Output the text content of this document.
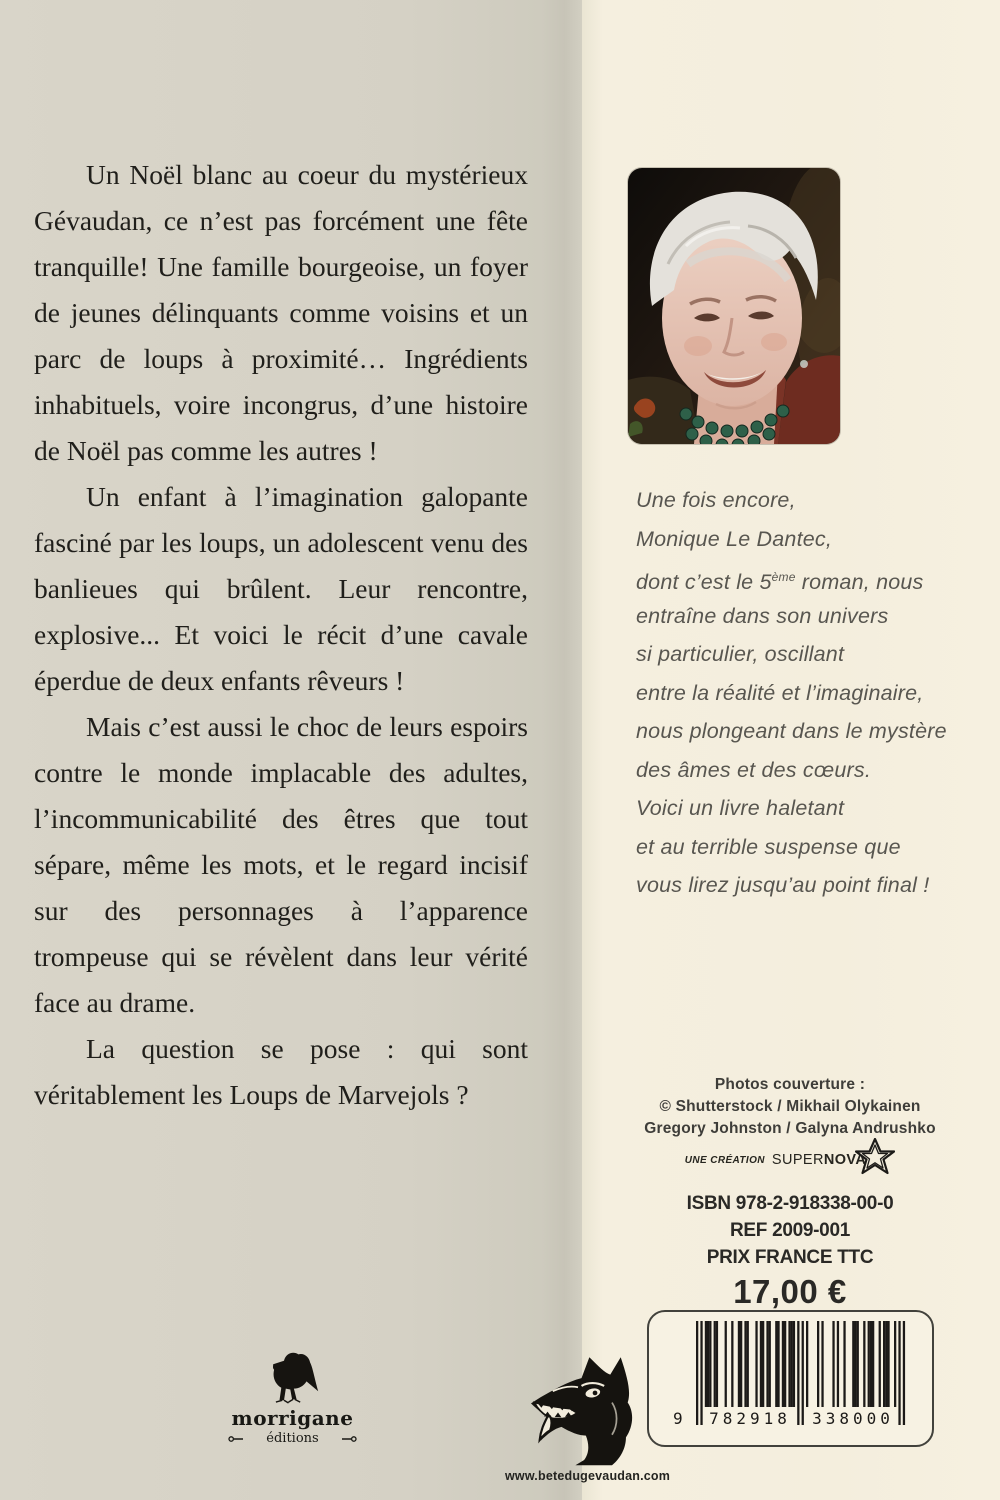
Un Noël blanc au coeur du mystérieux Gévaudan, ce n’est pas forcément une fête tranquille! Une famille bourgeoise, un foyer de jeunes délinquants comme voisins et un parc de loups à proximité… Ingrédients inhabituels, voire incongrus, d’une histoire de Noël pas comme les autres !

Un enfant à l’imagination galopante fasciné par les loups, un adolescent venu des banlieues qui brûlent. Leur rencontre, explosive... Et voici le récit d’une cavale éperdue de deux enfants rêveurs !

Mais c’est aussi le choc de leurs espoirs contre le monde implacable des adultes, l’incommunicabilité des êtres que tout sépare, même les mots, et le regard incisif sur des personnages à l’apparence trompeuse qui se révèlent dans leur vérité face au drame.

La question se pose : qui sont véritablement les Loups de Marvejols ?

Une fois encore,
Monique Le Dantec,
dont c’est le 5ème roman, nous
entraîne dans son univers
si particulier, oscillant
entre la réalité et l’imaginaire,
nous plongeant dans le mystère
des âmes et des cœurs.
Voici un livre haletant
et au terrible suspense que
vous lirez jusqu’au point final !
Photos couverture :
© Shutterstock / Mikhail Olykainen
Gregory Johnston / Galyna Andrushko
UNE CRÉATION SUPERNOVA
ISBN 978-2-918338-00-0
REF 2009-001
PRIX FRANCE TTC
17,00 €
9 782918 338000
morrigane
éditions
www.betedugevaudan.com
